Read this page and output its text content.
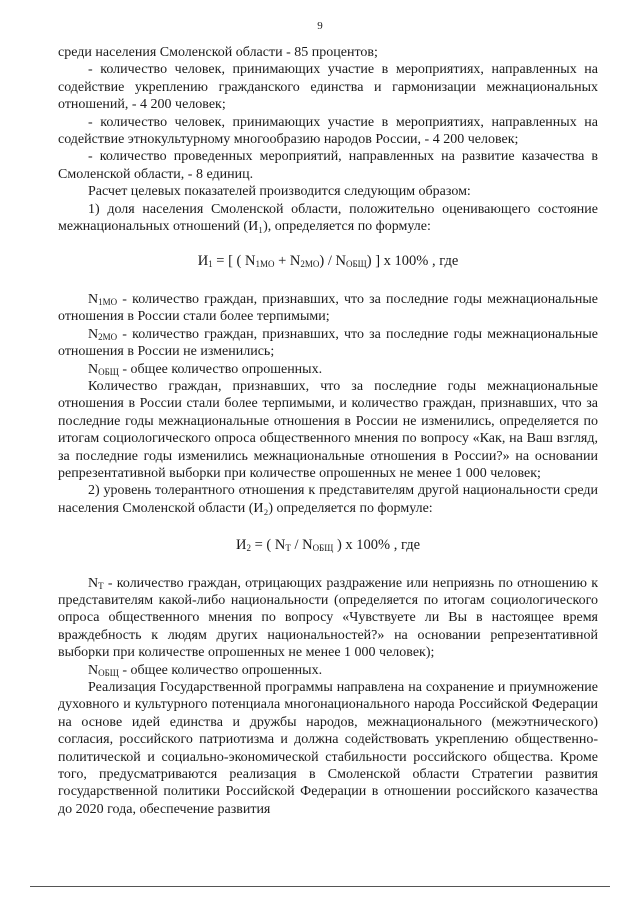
9

среди населения Смоленской области - 85 процентов;

- количество человек, принимающих участие в мероприятиях, направленных на содействие укреплению гражданского единства и гармонизации межнациональных отношений, - 4 200 человек;

- количество человек, принимающих участие в мероприятиях, направленных на содействие этнокультурному многообразию народов России, - 4 200 человек;

- количество проведенных мероприятий, направленных на развитие казачества в Смоленской области, - 8 единиц.

Расчет целевых показателей производится следующим образом:

1) доля населения Смоленской области, положительно оценивающего состояние межнациональных отношений (И₁), определяется по формуле:

$И_1$ = [ ( $N_{1МО} + N_{2МО}) / N_{ОБЩ}$) ] х 100% , где

$N_{1МО}$ - количество граждан, признавших, что за последние годы межнациональные отношения в России стали более терпимыми;

$N_{2МО}$ - количество граждан, признавших, что за последние годы межнациональные отношения в России не изменились;

$N_{ОБЩ}$ - общее количество опрошенных.

Количество граждан, признавших, что за последние годы межнациональные отношения в России стали более терпимыми, и количество граждан, признавших, что за последние годы межнациональные отношения в России не изменились, определяется по итогам социологического опроса общественного мнения по вопросу «Как, на Ваш взгляд, за последние годы изменились межнациональные отношения в России?» на основании репрезентативной выборки при количестве опрошенных не менее 1 000 человек;

2) уровень толерантного отношения к представителям другой национальности среди населения Смоленской области (И₂) определяется по формуле:

$И_2$ = ( $N_Т / N_{ОБЩ}$ ) х 100% , где

$N_Т$ - количество граждан, отрицающих раздражение или неприязнь по отношению к представителям какой-либо национальности (определяется по итогам социологического опроса общественного мнения по вопросу «Чувствуете ли Вы в настоящее время враждебность к людям других национальностей?» на основании репрезентативной выборки при количестве опрошенных не менее 1 000 человек);

$N_{ОБЩ}$ - общее количество опрошенных.

Реализация Государственной программы направлена на сохранение и приумножение духовного и культурного потенциала многонационального народа Российской Федерации на основе идей единства и дружбы народов, межнационального (межэтнического) согласия, российского патриотизма и должна содействовать укреплению общественно-политической и социально-экономической стабильности российского общества. Кроме того, предусматриваются реализация в Смоленской области Стратегии развития государственной политики Российской Федерации в отношении российского казачества до 2020 года, обеспечение развития
